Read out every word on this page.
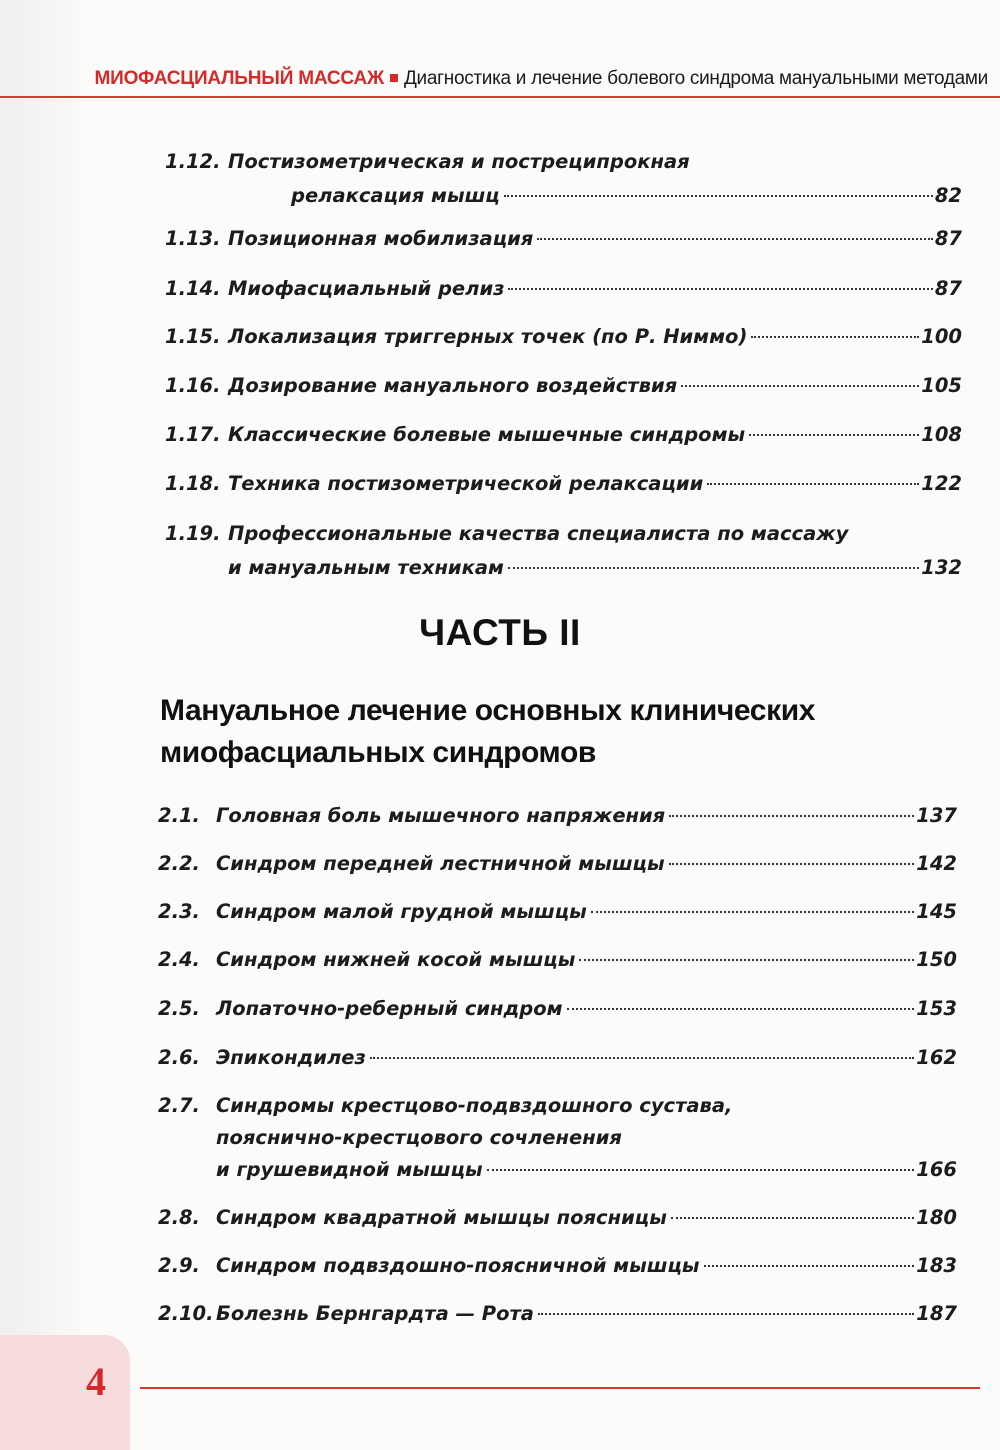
МИОФАСЦИАЛЬНЫЙ МАССАЖ Диагностика и лечение болевого синдрома мануальными методами
1.12. Постизометрическая и постреципрокная
релаксация мышц	82
1.13. Позиционная мобилизация	87
1.14. Миофасциальный релиз	87
1.15. Локализация триггерных точек (по Р. Ниммо)	100
1.16. Дозирование мануального воздействия	105
1.17. Классические болевые мышечные синдромы	108
1.18. Техника постизометрической релаксации	122
1.19. Профессиональные качества специалиста по массажу
и мануальным техникам	132
ЧАСТЬ II
Мануальное лечение основных клинических
миофасциальных синдромов
2.1. Головная боль мышечного напряжения	137
2.2. Синдром передней лестничной мышцы	142
2.3. Синдром малой грудной мышцы	145
2.4. Синдром нижней косой мышцы	150
2.5. Лопаточно-реберный синдром	153
2.6. Эпикондилез	162
2.7. Синдромы крестцово-подвздошного сустава,
пояснично-крестцового сочленения
и грушевидной мышцы	166
2.8. Синдром квадратной мышцы поясницы	180
2.9. Синдром подвздошно-поясничной мышцы	183
2.10. Болезнь Бернгардта — Рота	187
4
